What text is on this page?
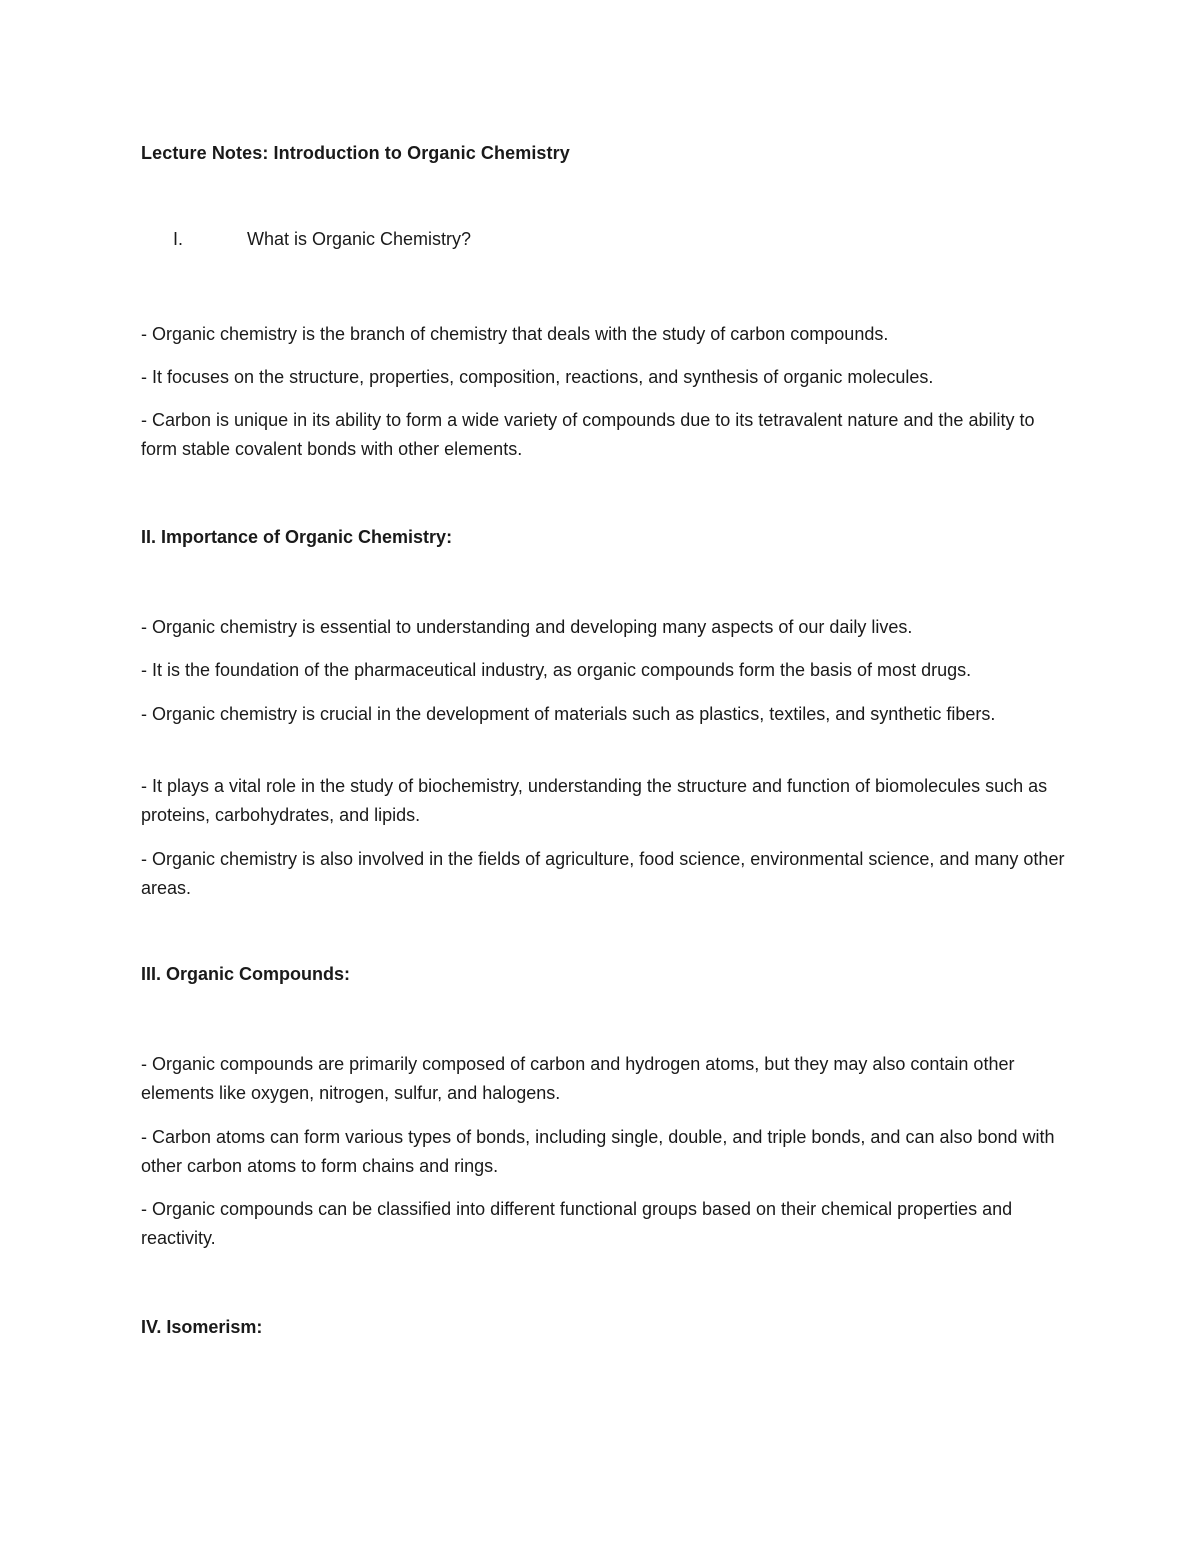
Lecture Notes: Introduction to Organic Chemistry
I.	What is Organic Chemistry?

- Organic chemistry is the branch of chemistry that deals with the study of carbon compounds.

- It focuses on the structure, properties, composition, reactions, and synthesis of organic molecules.

- Carbon is unique in its ability to form a wide variety of compounds due to its tetravalent nature and the ability to form stable covalent bonds with other elements.

II. Importance of Organic Chemistry:

- Organic chemistry is essential to understanding and developing many aspects of our daily lives.

- It is the foundation of the pharmaceutical industry, as organic compounds form the basis of most drugs.

- Organic chemistry is crucial in the development of materials such as plastics, textiles, and synthetic fibers.

- It plays a vital role in the study of biochemistry, understanding the structure and function of biomolecules such as proteins, carbohydrates, and lipids.

- Organic chemistry is also involved in the fields of agriculture, food science, environmental science, and many other areas.

III. Organic Compounds:

- Organic compounds are primarily composed of carbon and hydrogen atoms, but they may also contain other elements like oxygen, nitrogen, sulfur, and halogens.

- Carbon atoms can form various types of bonds, including single, double, and triple bonds, and can also bond with other carbon atoms to form chains and rings.

- Organic compounds can be classified into different functional groups based on their chemical properties and reactivity.

IV. Isomerism:
